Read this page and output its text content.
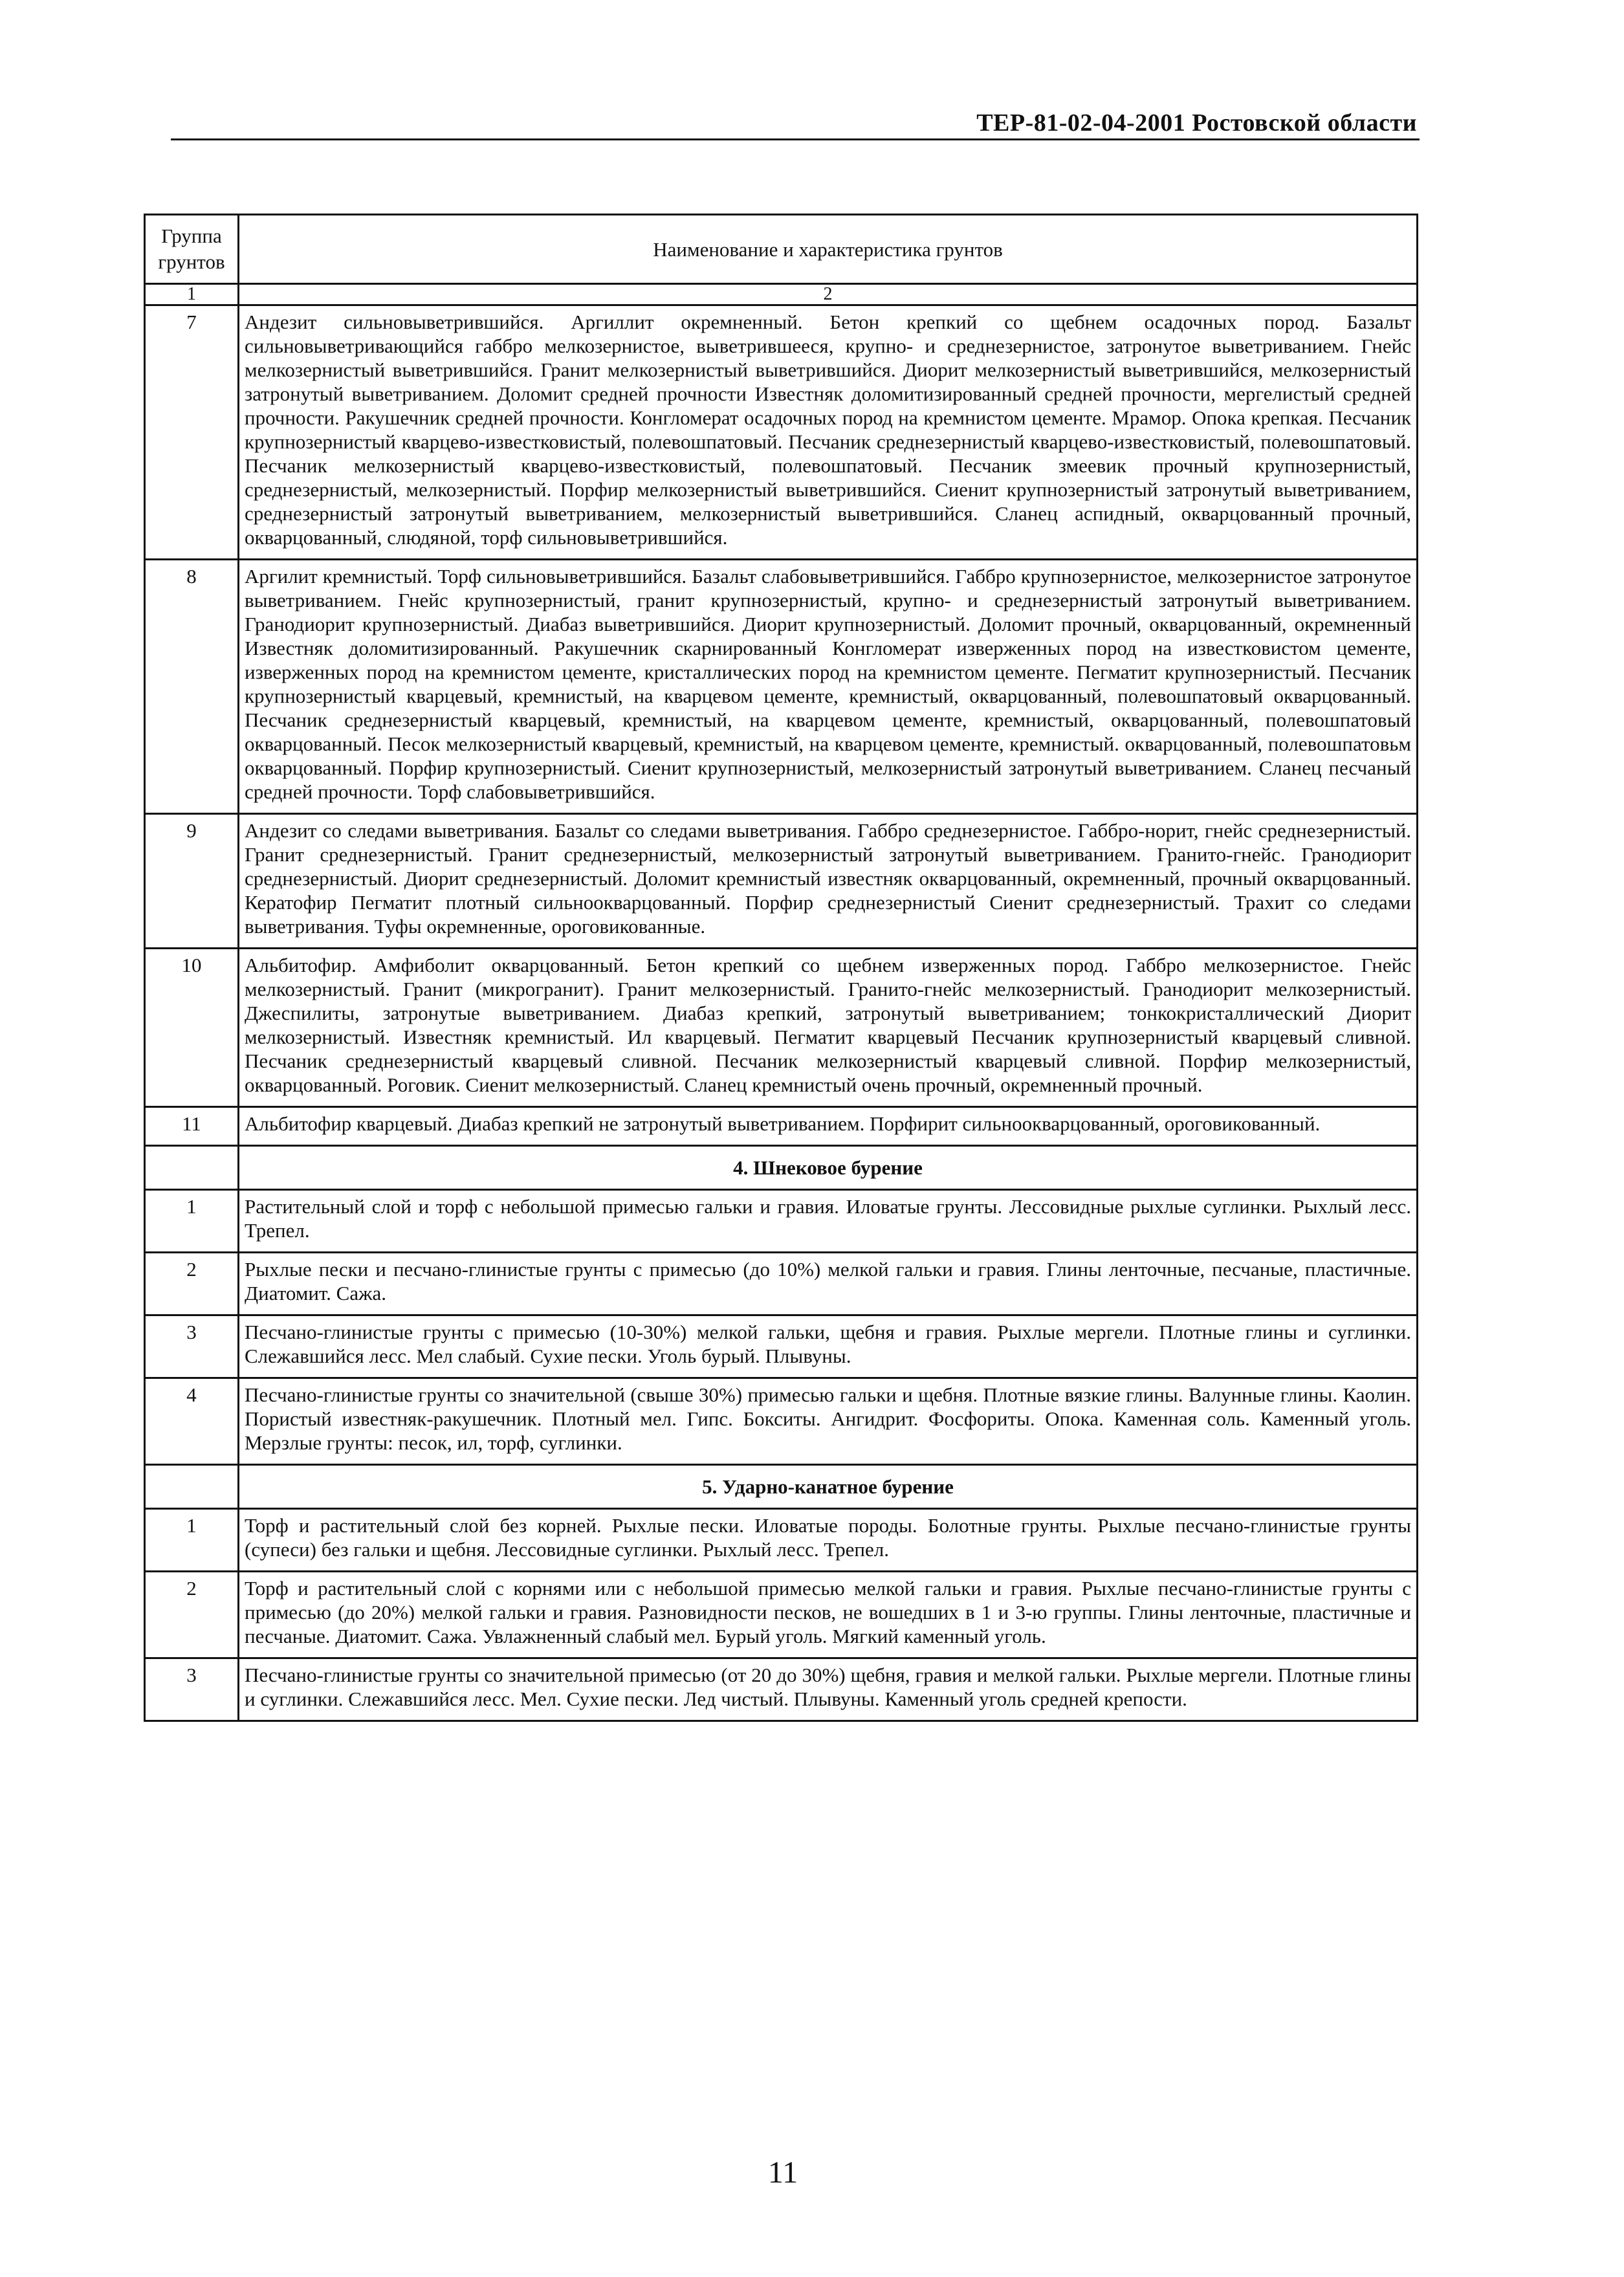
ТЕР-81-02-04-2001 Ростовской области
Группа грунтов	Наименование и характеристика грунтов
1	2
7	Андезит сильновыветрившийся. Аргиллит окремненный. Бетон крепкий со щебнем осадочных пород. Базальт сильновыветривающийся габбро мелкозернистое, выветрившееся, крупно- и среднезернистое, затронутое выветриванием. Гнейс мелкозернистый выветрившийся. Гранит мелкозернистый выветрившийся. Диорит мелкозернистый выветрившийся, мелкозернистый затронутый выветриванием. Доломит средней прочности Известняк доломитизированный средней прочности, мергелистый средней прочности. Ракушечник средней прочности. Конгломерат осадочных пород на кремнистом цементе. Мрамор. Опока крепкая. Песчаник крупнозернистый кварцево-известковистый, полевошпатовый. Песчаник среднезернистый кварцево-известковистый, полевошпатовый. Песчаник мелкозернистый кварцево-известковистый, полевошпатовый. Песчаник змеевик прочный крупнозернистый, среднезернистый, мелкозернистый. Порфир мелкозернистый выветрившийся. Сиенит крупнозернистый затронутый выветриванием, среднезернистый затронутый выветриванием, мелкозернистый выветрившийся. Сланец аспидный, окварцованный прочный, окварцованный, слюдяной, торф сильновыветрившийся.
8	Аргилит кремнистый. Торф сильновыветрившийся. Базальт слабовыветрившийся. Габбро крупнозернистое, мелкозернистое затронутое выветриванием. Гнейс крупнозернистый, гранит крупнозернистый, крупно- и среднезернистый затронутый выветриванием. Гранодиорит крупнозернистый. Диабаз выветрившийся. Диорит крупнозернистый. Доломит прочный, окварцованный, окремненный Известняк доломитизированный. Ракушечник скарнированный Конгломерат изверженных пород на известковистом цементе, изверженных пород на кремнистом цементе, кристаллических пород на кремнистом цементе. Пегматит крупнозернистый. Песчаник крупнозернистый кварцевый, кремнистый, на кварцевом цементе, кремнистый, окварцованный, полевошпатовый окварцованный. Песчаник среднезернистый кварцевый, кремнистый, на кварцевом цементе, кремнистый, окварцованный, полевошпатовый окварцованный. Песок мелкозернистый кварцевый, кремнистый, на кварцевом цементе, кремнистый. окварцованный, полевошпатовьм окварцованный. Порфир крупнозернистый. Сиенит крупнозернистый, мелкозернистый затронутый выветриванием. Сланец песчаный средней прочности. Торф слабовыветрившийся.
9	Андезит со следами выветривания. Базальт со следами выветривания. Габбро среднезернистое. Габбро-норит, гнейс среднезернистый. Гранит среднезернистый. Гранит среднезернистый, мелкозернистый затронутый выветриванием. Гранито-гнейс. Гранодиорит среднезернистый. Диорит среднезернистый. Доломит кремнистый известняк окварцованный, окремненный, прочный окварцованный. Кератофир Пегматит плотный сильноокварцованный. Порфир среднезернистый Сиенит среднезернистый. Трахит со следами выветривания. Туфы окремненные, ороговикованные.
10	Альбитофир. Амфиболит окварцованный. Бетон крепкий со щебнем изверженных пород. Габбро мелкозернистое. Гнейс мелкозернистый. Гранит (микрогранит). Гранит мелкозернистый. Гранито-гнейс мелкозернистый. Гранодиорит мелкозернистый. Джеспилиты, затронутые выветриванием. Диабаз крепкий, затронутый выветриванием; тонкокристаллический Диорит мелкозернистый. Известняк кремнистый. Ил кварцевый. Пегматит кварцевый Песчаник крупнозернистый кварцевый сливной. Песчаник среднезернистый кварцевый сливной. Песчаник мелкозернистый кварцевый сливной. Порфир мелкозернистый, окварцованный. Роговик. Сиенит мелкозернистый. Сланец кремнистый очень прочный, окремненный прочный.
11	Альбитофир кварцевый. Диабаз крепкий не затронутый выветриванием. Порфирит сильноокварцованный, ороговикованный.
	4. Шнековое бурение
1	Растительный слой и торф с небольшой примесью гальки и гравия. Иловатые грунты. Лессовидные рыхлые суглинки. Рыхлый лесс. Трепел.
2	Рыхлые пески и песчано-глинистые грунты с примесью (до 10%) мелкой гальки и гравия. Глины ленточные, песчаные, пластичные. Диатомит. Сажа.
3	Песчано-глинистые грунты с примесью (10-30%) мелкой гальки, щебня и гравия. Рыхлые мергели. Плотные глины и суглинки. Слежавшийся лесс. Мел слабый. Сухие пески. Уголь бурый. Плывуны.
4	Песчано-глинистые грунты со значительной (свыше 30%) примесью гальки и щебня. Плотные вязкие глины. Валунные глины. Каолин. Пористый известняк-ракушечник. Плотный мел. Гипс. Бокситы. Ангидрит. Фосфориты. Опока. Каменная соль. Каменный уголь. Мерзлые грунты: песок, ил, торф, суглинки.
	5. Ударно-канатное бурение
1	Торф и растительный слой без корней. Рыхлые пески. Иловатые породы. Болотные грунты. Рыхлые песчано-глинистые грунты (супеси) без гальки и щебня. Лессовидные суглинки. Рыхлый лесс. Трепел.
2	Торф и растительный слой с корнями или с небольшой примесью мелкой гальки и гравия. Рыхлые песчано-глинистые грунты с примесью (до 20%) мелкой гальки и гравия. Разновидности песков, не вошедших в 1 и 3-ю группы. Глины ленточные, пластичные и песчаные. Диатомит. Сажа. Увлажненный слабый мел. Бурый уголь. Мягкий каменный уголь.
3	Песчано-глинистые грунты со значительной примесью (от 20 до 30%) щебня, гравия и мелкой гальки. Рыхлые мергели. Плотные глины и суглинки. Слежавшийся лесс. Мел. Сухие пески. Лед чистый. Плывуны. Каменный уголь средней крепости.
11
